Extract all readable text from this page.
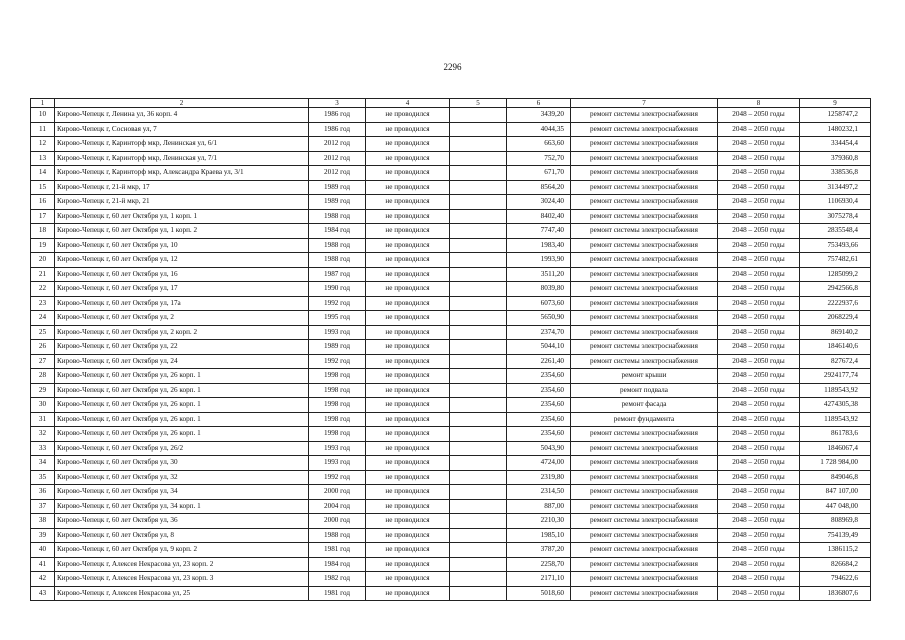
2296
1	2	3	4	5	6	7	8	9
10	Кирово-Чепецк г, Ленина ул, 36 корп. 4	1986 год	не проводился		3439,20	ремонт системы электроснабжения	2048 – 2050 годы	1258747,2
11	Кирово-Чепецк г, Сосновая ул, 7	1986 год	не проводился		4044,35	ремонт системы электроснабжения	2048 – 2050 годы	1480232,1
12	Кирово-Чепецк г, Каринторф мкр, Ленинская ул, 6/1	2012 год	не проводился		663,60	ремонт системы электроснабжения	2048 – 2050 годы	334454,4
13	Кирово-Чепецк г, Каринторф мкр, Ленинская ул, 7/1	2012 год	не проводился		752,70	ремонт системы электроснабжения	2048 – 2050 годы	379360,8
14	Кирово-Чепецк г, Каринторф мкр, Александра Краева ул, 3/1	2012 год	не проводился		671,70	ремонт системы электроснабжения	2048 – 2050 годы	338536,8
15	Кирово-Чепецк г, 21-й мкр, 17	1989 год	не проводился		8564,20	ремонт системы электроснабжения	2048 – 2050 годы	3134497,2
16	Кирово-Чепецк г, 21-й мкр, 21	1989 год	не проводился		3024,40	ремонт системы электроснабжения	2048 – 2050 годы	1106930,4
17	Кирово-Чепецк г, 60 лет Октября ул, 1 корп. 1	1988 год	не проводился		8402,40	ремонт системы электроснабжения	2048 – 2050 годы	3075278,4
18	Кирово-Чепецк г, 60 лет Октября ул, 1 корп. 2	1984 год	не проводился		7747,40	ремонт системы электроснабжения	2048 – 2050 годы	2835548,4
19	Кирово-Чепецк г, 60 лет Октября ул, 10	1988 год	не проводился		1983,40	ремонт системы электроснабжения	2048 – 2050 годы	753493,66
20	Кирово-Чепецк г, 60 лет Октября ул, 12	1988 год	не проводился		1993,90	ремонт системы электроснабжения	2048 – 2050 годы	757482,61
21	Кирово-Чепецк г, 60 лет Октября ул, 16	1987 год	не проводился		3511,20	ремонт системы электроснабжения	2048 – 2050 годы	1285099,2
22	Кирово-Чепецк г, 60 лет Октября ул, 17	1990 год	не проводился		8039,80	ремонт системы электроснабжения	2048 – 2050 годы	2942566,8
23	Кирово-Чепецк г, 60 лет Октября ул, 17а	1992 год	не проводился		6073,60	ремонт системы электроснабжения	2048 – 2050 годы	2222937,6
24	Кирово-Чепецк г, 60 лет Октября ул, 2	1995 год	не проводился		5650,90	ремонт системы электроснабжения	2048 – 2050 годы	2068229,4
25	Кирово-Чепецк г, 60 лет Октября ул, 2 корп. 2	1993 год	не проводился		2374,70	ремонт системы электроснабжения	2048 – 2050 годы	869140,2
26	Кирово-Чепецк г, 60 лет Октября ул, 22	1989 год	не проводился		5044,10	ремонт системы электроснабжения	2048 – 2050 годы	1846140,6
27	Кирово-Чепецк г, 60 лет Октября ул, 24	1992 год	не проводился		2261,40	ремонт системы электроснабжения	2048 – 2050 годы	827672,4
28	Кирово-Чепецк г, 60 лет Октября ул, 26 корп. 1	1998 год	не проводился		2354,60	ремонт крыши	2048 – 2050 годы	2924177,74
29	Кирово-Чепецк г, 60 лет Октября ул, 26 корп. 1	1998 год	не проводился		2354,60	ремонт подвала	2048 – 2050 годы	1189543,92
30	Кирово-Чепецк г, 60 лет Октября ул, 26 корп. 1	1998 год	не проводился		2354,60	ремонт фасада	2048 – 2050 годы	4274305,38
31	Кирово-Чепецк г, 60 лет Октября ул, 26 корп. 1	1998 год	не проводился		2354,60	ремонт фундамента	2048 – 2050 годы	1189543,92
32	Кирово-Чепецк г, 60 лет Октября ул, 26 корп. 1	1998 год	не проводился		2354,60	ремонт системы электроснабжения	2048 – 2050 годы	861783,6
33	Кирово-Чепецк г, 60 лет Октября ул, 26/2	1993 год	не проводился		5043,90	ремонт системы электроснабжения	2048 – 2050 годы	1846067,4
34	Кирово-Чепецк г, 60 лет Октября ул, 30	1993 год	не проводился		4724,00	ремонт системы электроснабжения	2048 – 2050 годы	1 728 984,00
35	Кирово-Чепецк г, 60 лет Октября ул, 32	1992 год	не проводился		2319,80	ремонт системы электроснабжения	2048 – 2050 годы	849046,8
36	Кирово-Чепецк г, 60 лет Октября ул, 34	2000 год	не проводился		2314,50	ремонт системы электроснабжения	2048 – 2050 годы	847 107,00
37	Кирово-Чепецк г, 60 лет Октября ул, 34 корп. 1	2004 год	не проводился		887,00	ремонт системы электроснабжения	2048 – 2050 годы	447 048,00
38	Кирово-Чепецк г, 60 лет Октября ул, 36	2000 год	не проводился		2210,30	ремонт системы электроснабжения	2048 – 2050 годы	808969,8
39	Кирово-Чепецк г, 60 лет Октября ул, 8	1988 год	не проводился		1985,10	ремонт системы электроснабжения	2048 – 2050 годы	754139,49
40	Кирово-Чепецк г, 60 лет Октября ул, 9 корп. 2	1981 год	не проводился		3787,20	ремонт системы электроснабжения	2048 – 2050 годы	1386115,2
41	Кирово-Чепецк г, Алексея Некрасова ул, 23 корп. 2	1984 год	не проводился		2258,70	ремонт системы электроснабжения	2048 – 2050 годы	826684,2
42	Кирово-Чепецк г, Алексея Некрасова ул, 23 корп. 3	1982 год	не проводился		2171,10	ремонт системы электроснабжения	2048 – 2050 годы	794622,6
43	Кирово-Чепецк г, Алексея Некрасова ул, 25	1981 год	не проводился		5018,60	ремонт системы электроснабжения	2048 – 2050 годы	1836807,6
